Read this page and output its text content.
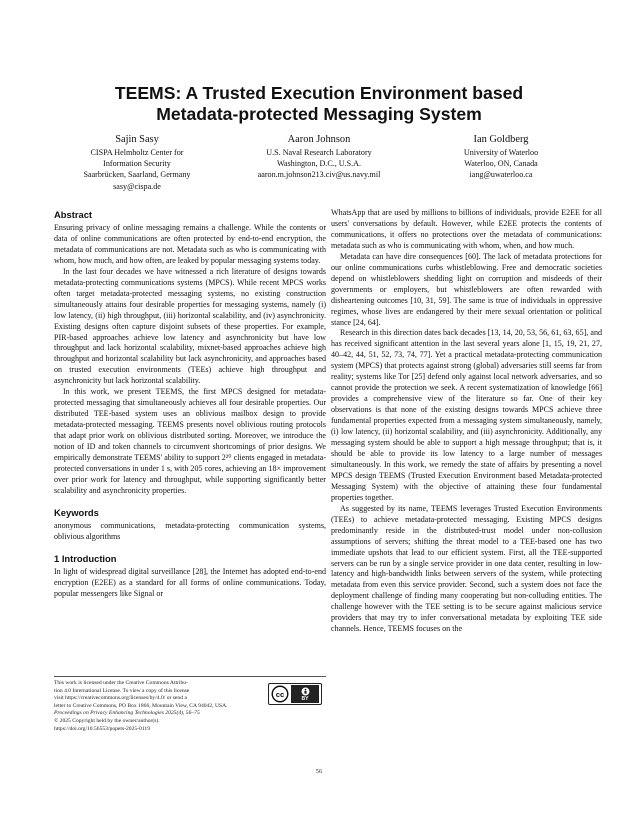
TEEMS: A Trusted Execution Environment based
Metadata-protected Messaging System
Sajin Sasy
CISPA Helmholtz Center for
Information Security
Saarbrücken, Saarland, Germany
sasy@cispa.de
Aaron Johnson
U.S. Naval Research Laboratory
Washington, D.C., U.S.A.
aaron.m.johnson213.civ@us.navy.mil
Ian Goldberg
University of Waterloo
Waterloo, ON, Canada
iang@uwaterloo.ca
Abstract

Ensuring privacy of online messaging remains a challenge. While the contents or data of online communications are often protected by end-to-end encryption, the metadata of communications are not. Metadata such as who is communicating with whom, how much, and how often, are leaked by popular messaging systems today.

In the last four decades we have witnessed a rich literature of designs towards metadata-protecting communications systems (MPCS). While recent MPCS works often target metadata-protected messaging systems, no existing construction simultaneously attains four desirable properties for messaging systems, namely (i) low latency, (ii) high throughput, (iii) horizontal scalability, and (iv) asynchronicity. Existing designs often capture disjoint subsets of these properties. For example, PIR-based approaches achieve low latency and asynchronicity but have low throughput and lack horizontal scalability, mixnet-based approaches achieve high throughput and horizontal scalability but lack asynchronicity, and approaches based on trusted execution environments (TEEs) achieve high throughput and asynchronicity but lack horizontal scalability.

In this work, we present TEEMS, the first MPCS designed for metadata-protected messaging that simultaneously achieves all four desirable properties. Our distributed TEE-based system uses an oblivious mailbox design to provide metadata-protected messaging. TEEMS presents novel oblivious routing protocols that adapt prior work on oblivious distributed sorting. Moreover, we introduce the notion of ID and token channels to circumvent shortcomings of prior designs. We empirically demonstrate TEEMS' ability to support 2²⁰ clients engaged in metadata-protected conversations in under 1 s, with 205 cores, achieving an 18× improvement over prior work for latency and throughput, while supporting significantly better scalability and asynchronicity properties.

Keywords

anonymous communications, metadata-protecting communication systems, oblivious algorithms

1 Introduction

In light of widespread digital surveillance [28], the Internet has adopted end-to-end encryption (E2EE) as a standard for all forms of online communications. Today, popular messengers like Signal or

WhatsApp that are used by millions to billions of individuals, provide E2EE for all users' conversations by default. However, while E2EE protects the contents of communications, it offers no protections over the metadata of communications: metadata such as who is communicating with whom, when, and how much.

Metadata can have dire consequences [60]. The lack of metadata protections for our online communications curbs whistleblowing. Free and democratic societies depend on whistleblowers shedding light on corruption and misdeeds of their governments or employers, but whistleblowers are often rewarded with disheartening outcomes [10, 31, 59]. The same is true of individuals in oppressive regimes, whose lives are endangered by their mere sexual orientation or political stance [24, 64].

Research in this direction dates back decades [13, 14, 20, 53, 56, 61, 63, 65], and has received significant attention in the last several years alone [1, 15, 19, 21, 27, 40–42, 44, 51, 52, 73, 74, 77]. Yet a practical metadata-protecting communication system (MPCS) that protects against strong (global) adversaries still seems far from reality; systems like Tor [25] defend only against local network adversaries, and so cannot provide the protection we seek. A recent systematization of knowledge [66] provides a comprehensive view of the literature so far. One of their key observations is that none of the existing designs towards MPCS achieve three fundamental properties expected from a messaging system simultaneously, namely, (i) low latency, (ii) horizontal scalability, and (iii) asynchronicity. Additionally, any messaging system should be able to support a high message throughput; that is, it should be able to provide its low latency to a large number of messages simultaneously. In this work, we remedy the state of affairs by presenting a novel MPCS design TEEMS (Trusted Execution Environment based Metadata-protected Messaging System) with the objective of attaining these four fundamental properties together.

As suggested by its name, TEEMS leverages Trusted Execution Environments (TEEs) to achieve metadata-protected messaging. Existing MPCS designs predominantly reside in the distributed-trust model under non-collusion assumptions of servers; shifting the threat model to a TEE-based one has two immediate upshots that lead to our efficient system. First, all the TEE-supported servers can be run by a single service provider in one data center, resulting in low-latency and high-bandwidth links between servers of the system, while protecting metadata from even this service provider. Second, such a system does not face the deployment challenge of finding many cooperating but non-colluding entities. The challenge however with the TEE setting is to be secure against malicious service providers that may try to infer conversational metadata by exploiting TEE side channels. Hence, TEEMS focuses on the

This work is licensed under the Creative Commons Attribu-

tion 4.0 International License. To view a copy of this license

visit https://creativecommons.org/licenses/by/4.0/ or send a

letter to Creative Commons, PO Box 1866, Mountain View, CA 94042, USA.

Proceedings on Privacy Enhancing Technologies 2025(4), 56–75

© 2025 Copyright held by the owner/author(s).

https://doi.org/10.56553/popets-2025-0119

cc	BY
56
